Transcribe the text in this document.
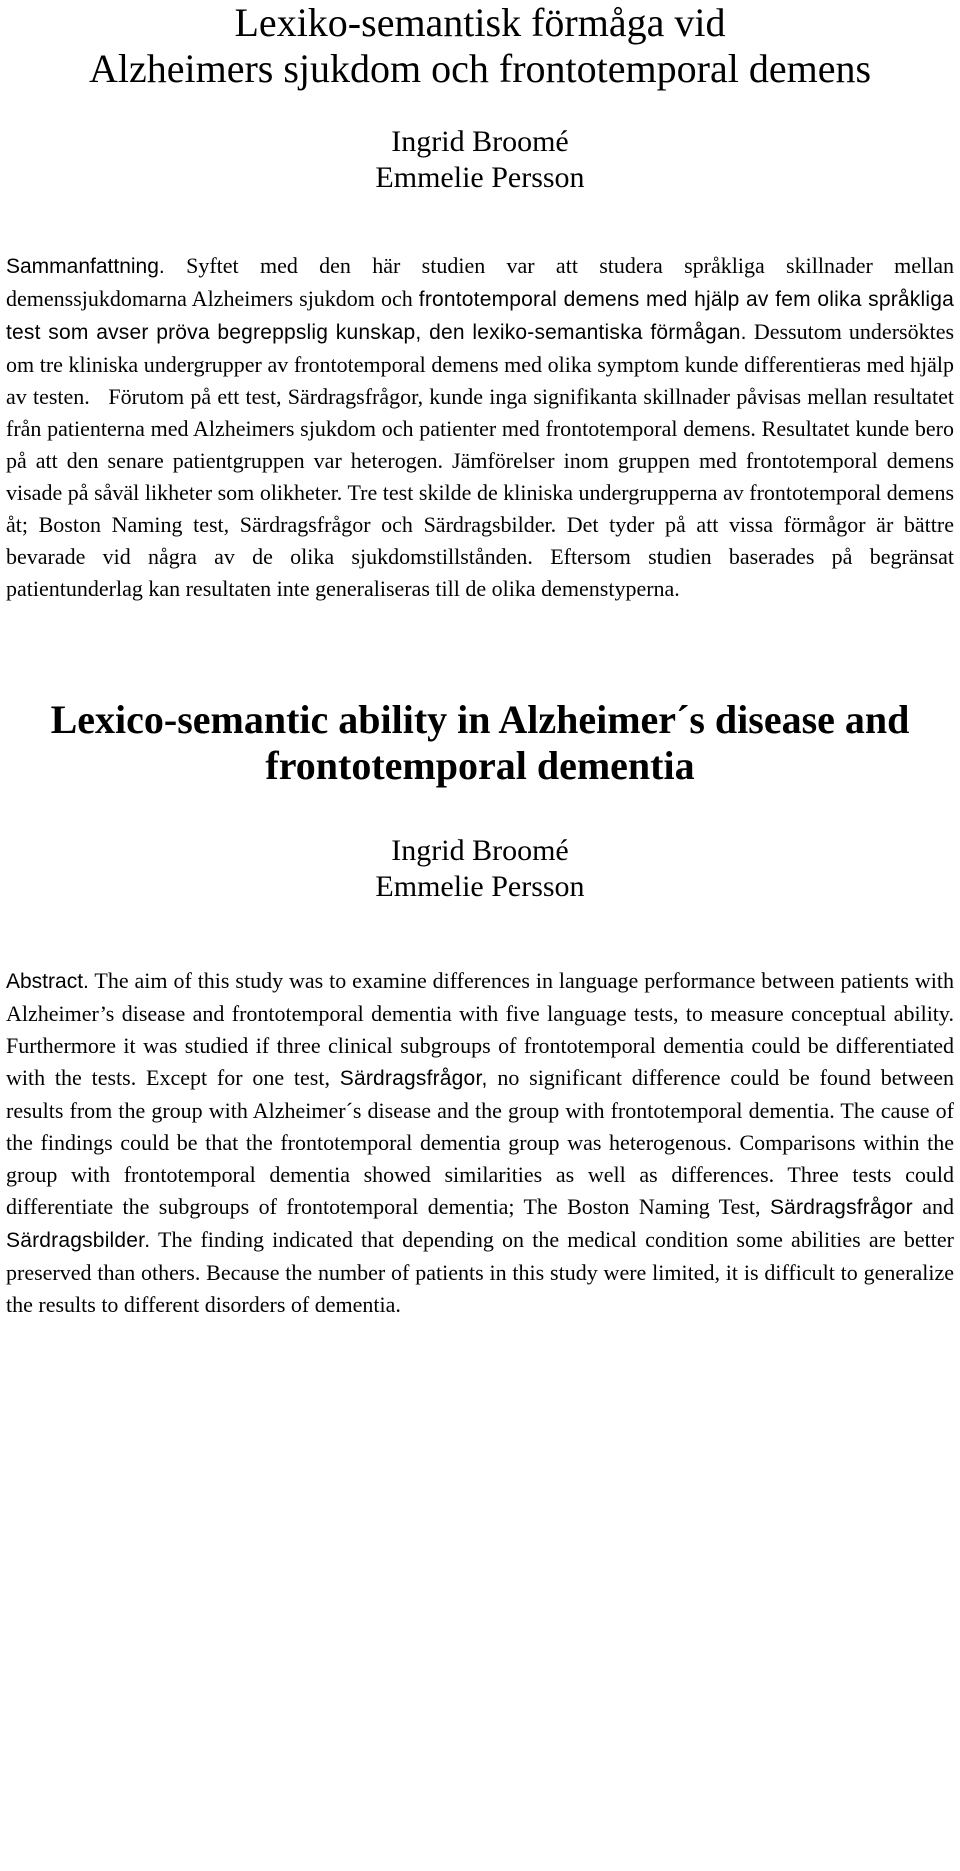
Lexiko-semantisk förmåga vid
Alzheimers sjukdom och frontotemporal demens
Ingrid Broomé
Emmelie Persson

Sammanfattning. Syftet med den här studien var att studera språkliga skillnader mellan demenssjukdomarna Alzheimers sjukdom och frontotemporal demens med hjälp av fem olika språkliga test som avser pröva begreppslig kunskap, den lexiko-semantiska förmågan. Dessutom undersöktes om tre kliniska undergrupper av frontotemporal demens med olika symptom kunde differentieras med hjälp av testen. Förutom på ett test, Särdragsfrågor, kunde inga signifikanta skillnader påvisas mellan resultatet från patienterna med Alzheimers sjukdom och patienter med frontotemporal demens. Resultatet kunde bero på att den senare patientgruppen var heterogen. Jämförelser inom gruppen med frontotemporal demens visade på såväl likheter som olikheter. Tre test skilde de kliniska undergrupperna av frontotemporal demens åt; Boston Naming test, Särdragsfrågor och Särdragsbilder. Det tyder på att vissa förmågor är bättre bevarade vid några av de olika sjukdomstillstånden. Eftersom studien baserades på begränsat patientunderlag kan resultaten inte generaliseras till de olika demenstyperna.

Lexico-semantic ability in Alzheimer´s disease and
frontotemporal dementia
Ingrid Broomé
Emmelie Persson

Abstract. The aim of this study was to examine differences in language performance between patients with Alzheimer’s disease and frontotemporal dementia with five language tests, to measure conceptual ability. Furthermore it was studied if three clinical subgroups of frontotemporal dementia could be differentiated with the tests. Except for one test, Särdragsfrågor, no significant difference could be found between results from the group with Alzheimer´s disease and the group with frontotemporal dementia. The cause of the findings could be that the frontotemporal dementia group was heterogenous. Comparisons within the group with frontotemporal dementia showed similarities as well as differences. Three tests could differentiate the subgroups of frontotemporal dementia; The Boston Naming Test, Särdragsfrågor and Särdragsbilder. The finding indicated that depending on the medical condition some abilities are better preserved than others. Because the number of patients in this study were limited, it is difficult to generalize the results to different disorders of dementia.
